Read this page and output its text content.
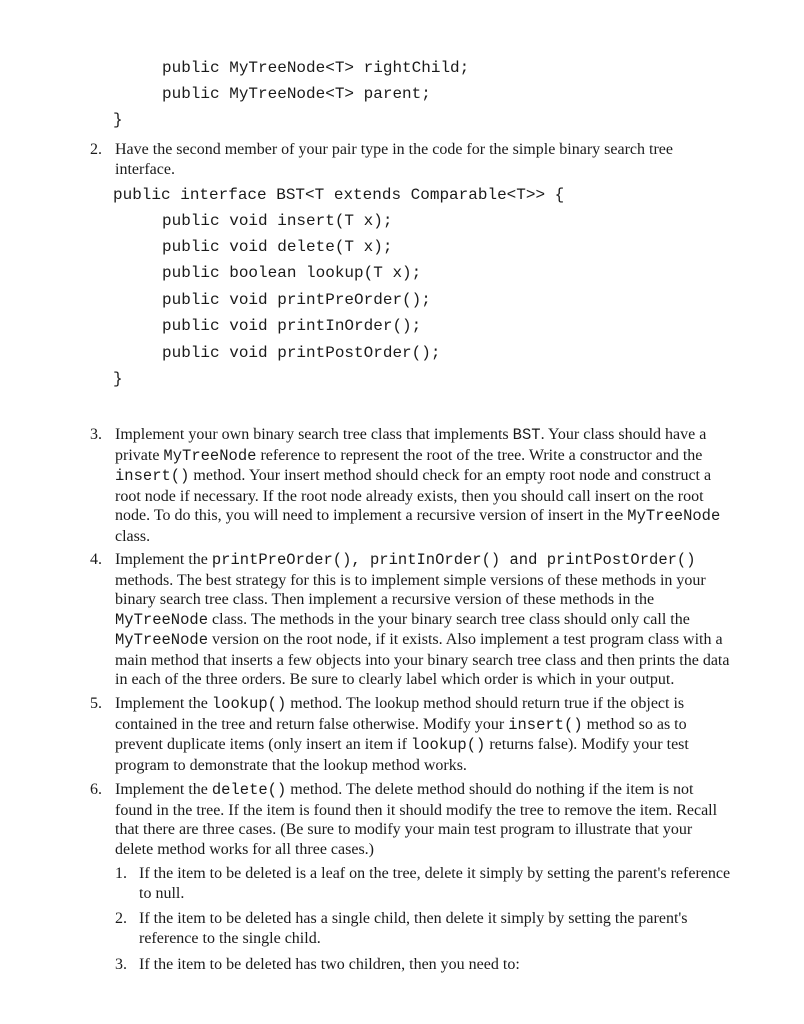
public MyTreeNode<T> rightChild;
public MyTreeNode<T> parent;
}
2. Have the second member of your pair type in the code for the simple binary search tree interface.
public interface BST<T extends Comparable<T>> {
public void insert(T x);
public void delete(T x);
public boolean lookup(T x);
public void printPreOrder();
public void printInOrder();
public void printPostOrder();
}
3. Implement your own binary search tree class that implements BST. Your class should have a private MyTreeNode reference to represent the root of the tree. Write a constructor and the insert() method. Your insert method should check for an empty root node and construct a root node if necessary. If the root node already exists, then you should call insert on the root node. To do this, you will need to implement a recursive version of insert in the MyTreeNode class.
4. Implement the printPreOrder(), printInOrder() and printPostOrder() methods. The best strategy for this is to implement simple versions of these methods in your binary search tree class. Then implement a recursive version of these methods in the MyTreeNode class. The methods in the your binary search tree class should only call the MyTreeNode version on the root node, if it exists. Also implement a test program class with a main method that inserts a few objects into your binary search tree class and then prints the data in each of the three orders. Be sure to clearly label which order is which in your output.
5. Implement the lookup() method. The lookup method should return true if the object is contained in the tree and return false otherwise. Modify your insert() method so as to prevent duplicate items (only insert an item if lookup() returns false). Modify your test program to demonstrate that the lookup method works.
6. Implement the delete() method. The delete method should do nothing if the item is not found in the tree. If the item is found then it should modify the tree to remove the item. Recall that there are three cases. (Be sure to modify your main test program to illustrate that your delete method works for all three cases.)
1. If the item to be deleted is a leaf on the tree, delete it simply by setting the parent's reference to null.
2. If the item to be deleted has a single child, then delete it simply by setting the parent's reference to the single child.
3. If the item to be deleted has two children, then you need to:
